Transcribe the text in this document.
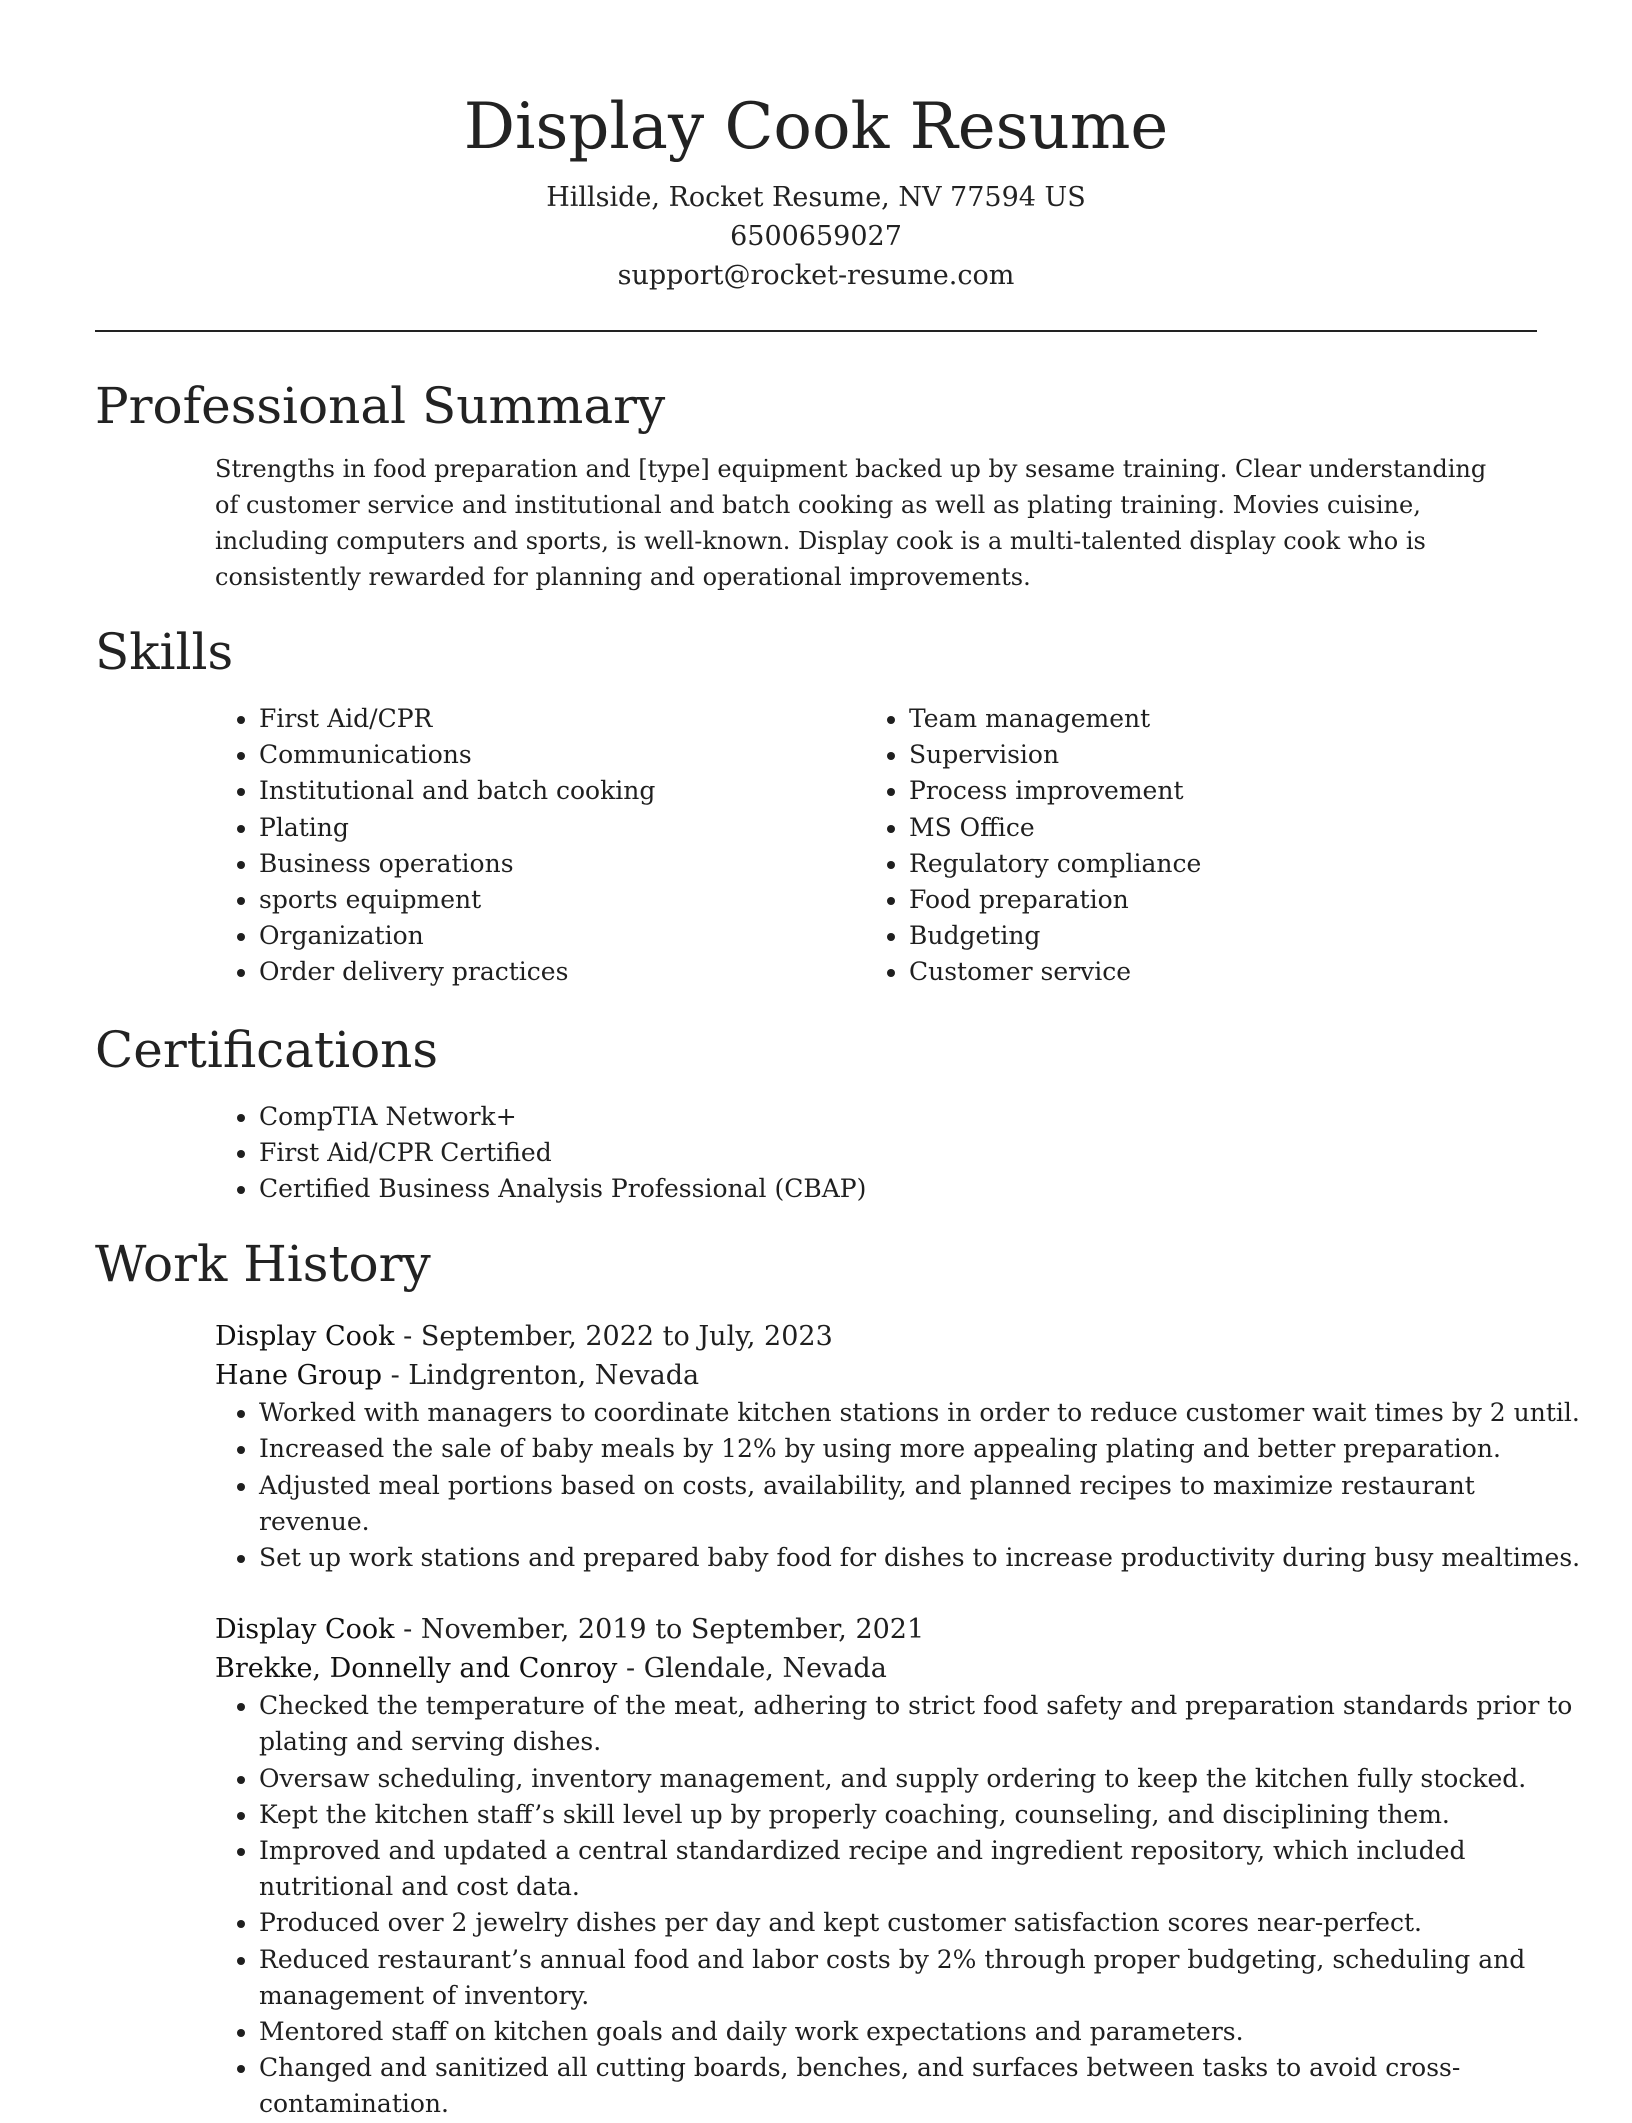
Display Cook Resume
Hillside, Rocket Resume, NV 77594 US
6500659027
support@rocket-resume.com
Professional Summary

Strengths in food preparation and [type] equipment backed up by sesame training. Clear understanding of customer service and institutional and batch cooking as well as plating training. Movies cuisine, including computers and sports, is well-known. Display cook is a multi-talented display cook who is consistently rewarded for planning and operational improvements.

Skills
• First Aid/CPR
• Communications
• Institutional and batch cooking
• Plating
• Business operations
• sports equipment
• Organization
• Order delivery practices
• Team management
• Supervision
• Process improvement
• MS Office
• Regulatory compliance
• Food preparation
• Budgeting
• Customer service
Certifications
• CompTIA Network+
• First Aid/CPR Certified
• Certified Business Analysis Professional (CBAP)
Work History
Display Cook - September, 2022 to July, 2023
Hane Group - Lindgrenton, Nevada
• Worked with managers to coordinate kitchen stations in order to reduce customer wait times by 2 until.
• Increased the sale of baby meals by 12% by using more appealing plating and better preparation.
• Adjusted meal portions based on costs, availability, and planned recipes to maximize restaurant revenue.
• Set up work stations and prepared baby food for dishes to increase productivity during busy mealtimes.
Display Cook - November, 2019 to September, 2021
Brekke, Donnelly and Conroy - Glendale, Nevada
• Checked the temperature of the meat, adhering to strict food safety and preparation standards prior to plating and serving dishes.
• Oversaw scheduling, inventory management, and supply ordering to keep the kitchen fully stocked.
• Kept the kitchen staff’s skill level up by properly coaching, counseling, and disciplining them.
• Improved and updated a central standardized recipe and ingredient repository, which included nutritional and cost data.
• Produced over 2 jewelry dishes per day and kept customer satisfaction scores near-perfect.
• Reduced restaurant’s annual food and labor costs by 2% through proper budgeting, scheduling and management of inventory.
• Mentored staff on kitchen goals and daily work expectations and parameters.
• Changed and sanitized all cutting boards, benches, and surfaces between tasks to avoid cross-contamination.
